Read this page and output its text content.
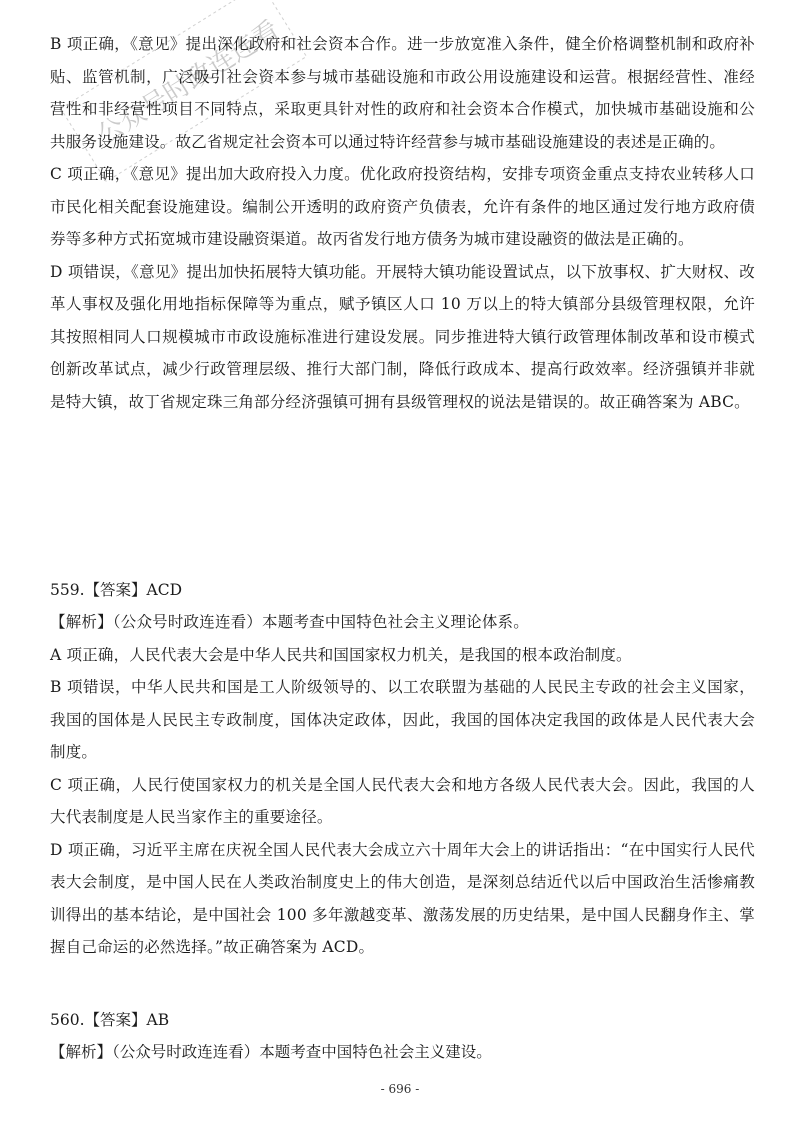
公众号时政连连看

B 项正确，《意见》提出深化政府和社会资本合作。进一步放宽准入条件，健全价格调整机制和政府补贴、监管机制，广泛吸引社会资本参与城市基础设施和市政公用设施建设和运营。根据经营性、准经营性和非经营性项目不同特点，采取更具针对性的政府和社会资本合作模式，加快城市基础设施和公共服务设施建设。故乙省规定社会资本可以通过特许经营参与城市基础设施建设的表述是正确的。

C 项正确，《意见》提出加大政府投入力度。优化政府投资结构，安排专项资金重点支持农业转移人口市民化相关配套设施建设。编制公开透明的政府资产负债表，允许有条件的地区通过发行地方政府债券等多种方式拓宽城市建设融资渠道。故丙省发行地方债务为城市建设融资的做法是正确的。

D 项错误，《意见》提出加快拓展特大镇功能。开展特大镇功能设置试点，以下放事权、扩大财权、改革人事权及强化用地指标保障等为重点，赋予镇区人口 10 万以上的特大镇部分县级管理权限，允许其按照相同人口规模城市市政设施标准进行建设发展。同步推进特大镇行政管理体制改革和设市模式创新改革试点，减少行政管理层级、推行大部门制，降低行政成本、提高行政效率。经济强镇并非就是特大镇，故丁省规定珠三角部分经济强镇可拥有县级管理权的说法是错误的。故正确答案为 ABC。

559.【答案】ACD

【解析】（公众号时政连连看）本题考查中国特色社会主义理论体系。

A 项正确，人民代表大会是中华人民共和国国家权力机关，是我国的根本政治制度。

B 项错误，中华人民共和国是工人阶级领导的、以工农联盟为基础的人民民主专政的社会主义国家，我国的国体是人民民主专政制度，国体决定政体，因此，我国的国体决定我国的政体是人民代表大会制度。

C 项正确，人民行使国家权力的机关是全国人民代表大会和地方各级人民代表大会。因此，我国的人大代表制度是人民当家作主的重要途径。

D 项正确，习近平主席在庆祝全国人民代表大会成立六十周年大会上的讲话指出：“在中国实行人民代表大会制度，是中国人民在人类政治制度史上的伟大创造，是深刻总结近代以后中国政治生活惨痛教训得出的基本结论，是中国社会 100 多年激越变革、激荡发展的历史结果，是中国人民翻身作主、掌握自己命运的必然选择。”故正确答案为 ACD。

560.【答案】AB
【解析】（公众号时政连连看）本题考查中国特色社会主义建设。
- 696 -
